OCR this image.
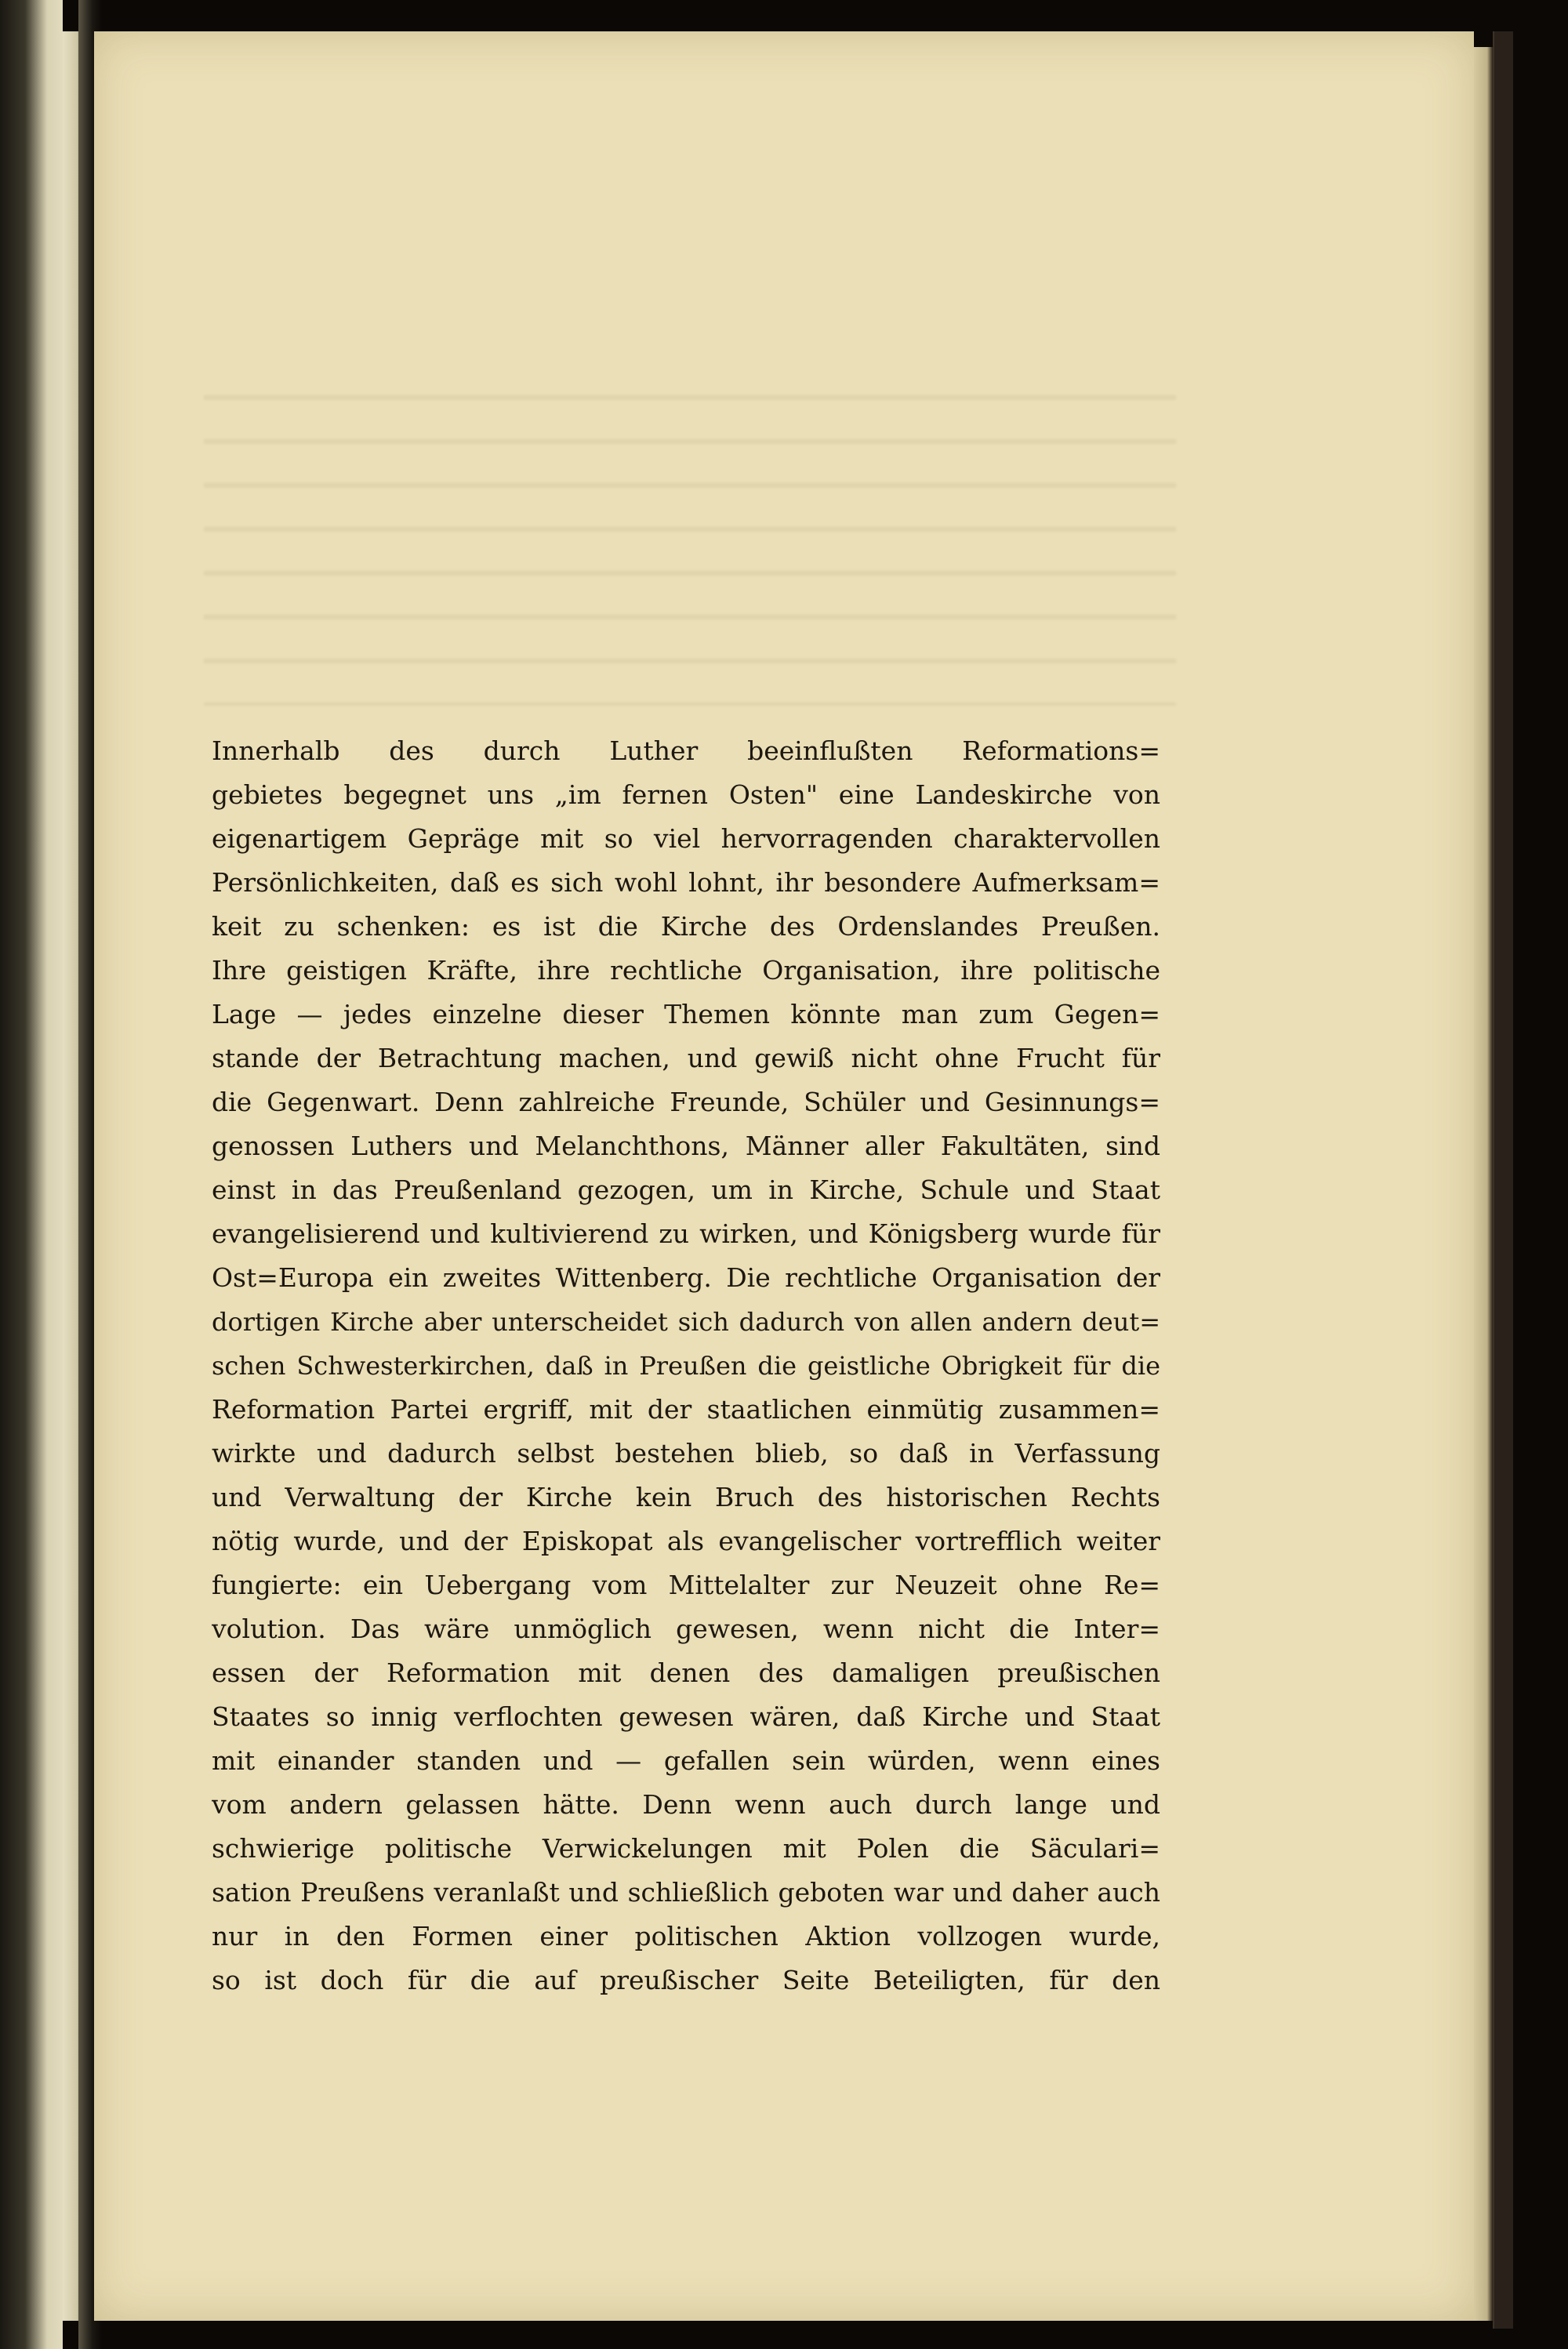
Innerhalb des durch Luther beeinflußten Reformations=
gebietes begegnet uns „im fernen Osten" eine Landeskirche von
eigenartigem Gepräge mit so viel hervorragenden charaktervollen
Persönlichkeiten, daß es sich wohl lohnt, ihr besondere Aufmerksam=
keit zu schenken: es ist die Kirche des Ordenslandes Preußen.
Ihre geistigen Kräfte, ihre rechtliche Organisation, ihre politische
Lage — jedes einzelne dieser Themen könnte man zum Gegen=
stande der Betrachtung machen, und gewiß nicht ohne Frucht für
die Gegenwart. Denn zahlreiche Freunde, Schüler und Gesinnungs=
genossen Luthers und Melanchthons, Männer aller Fakultäten, sind
einst in das Preußenland gezogen, um in Kirche, Schule und Staat
evangelisierend und kultivierend zu wirken, und Königsberg wurde für
Ost=Europa ein zweites Wittenberg. Die rechtliche Organisation der
dortigen Kirche aber unterscheidet sich dadurch von allen andern deut=
schen Schwesterkirchen, daß in Preußen die geistliche Obrigkeit für die
Reformation Partei ergriff, mit der staatlichen einmütig zusammen=
wirkte und dadurch selbst bestehen blieb, so daß in Verfassung
und Verwaltung der Kirche kein Bruch des historischen Rechts
nötig wurde, und der Episkopat als evangelischer vortrefflich weiter
fungierte: ein Uebergang vom Mittelalter zur Neuzeit ohne Re=
volution. Das wäre unmöglich gewesen, wenn nicht die Inter=
essen der Reformation mit denen des damaligen preußischen
Staates so innig verflochten gewesen wären, daß Kirche und Staat
mit einander standen und — gefallen sein würden, wenn eines
vom andern gelassen hätte. Denn wenn auch durch lange und
schwierige politische Verwickelungen mit Polen die Säculari=
sation Preußens veranlaßt und schließlich geboten war und daher auch
nur in den Formen einer politischen Aktion vollzogen wurde,
so ist doch für die auf preußischer Seite Beteiligten, für den
